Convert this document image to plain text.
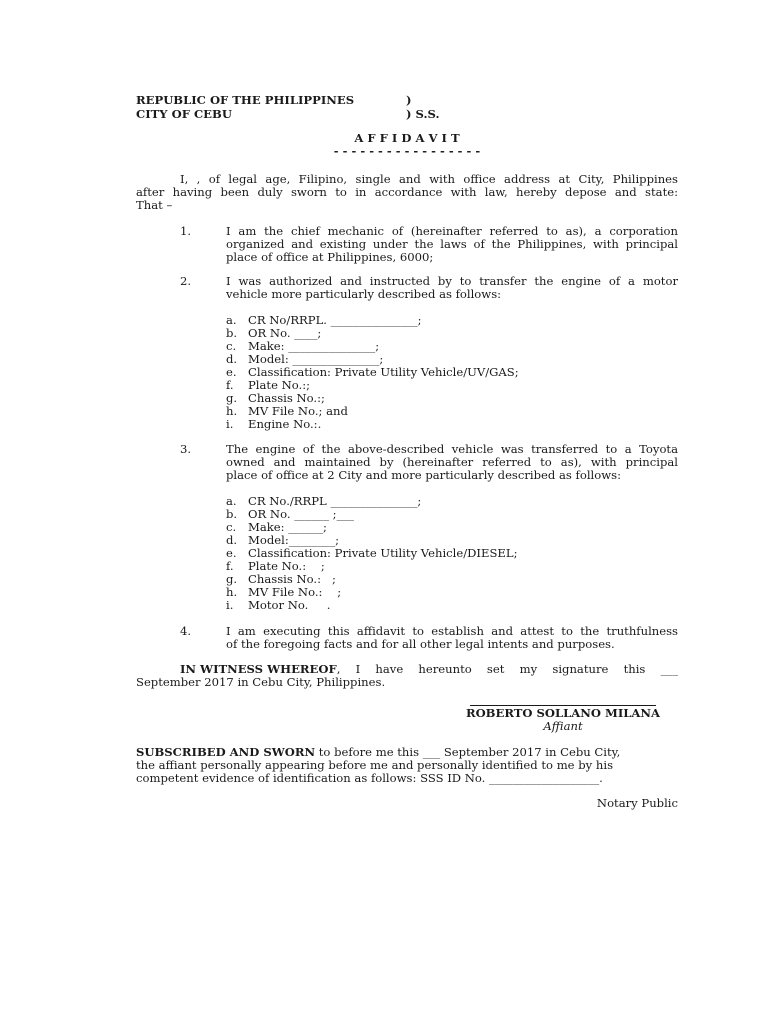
REPUBLIC OF THE PHILIPPINES	)
CITY OF CEBU	) S.S.
A F F I D A V I T
- - - - - - - - - - - - - - - - -
I, , of legal age, Filipino, single and with office address at City, Philippines
after having been duly sworn to in accordance with law, hereby depose and state:
That –
1.	I am the chief mechanic of (hereinafter referred to as), a corporation
organized and existing under the laws of the Philippines, with principal
place of office at Philippines, 6000;
2.	I was authorized and instructed by to transfer the engine of a motor
vehicle more particularly described as follows:
a. CR No/RRPL. _______________;
b. OR No. ____;
c. Make: _______________;
d. Model: _______________;
e. Classification: Private Utility Vehicle/UV/GAS;
f. Plate No.:;
g. Chassis No.:;
h. MV File No.; and
i. Engine No.:.
3.	The engine of the above-described vehicle was transferred to a Toyota
owned and maintained by (hereinafter referred to as), with principal
place of office at 2 City and more particularly described as follows:
a. CR No./RRPL _______________;
b. OR No. ______ ;___
c. Make: ______;
d. Model:________;
e. Classification: Private Utility Vehicle/DIESEL;
f. Plate No.:    ;
g. Chassis No.:   ;
h. MV File No.:    ;
i. Motor No.     .
4.	I am executing this affidavit to establish and attest to the truthfulness
of the foregoing facts and for all other legal intents and purposes.
IN WITNESS WHEREOF , I have hereunto set my signature this ___
September 2017 in Cebu City, Philippines.
ROBERTO SOLLANO MILANA
Affiant
SUBSCRIBED AND SWORN to before me this ___ September 2017 in Cebu City,
the affiant personally appearing before me and personally identified to me by his
competent evidence of identification as follows: SSS ID No. ___________________.
Notary Public
